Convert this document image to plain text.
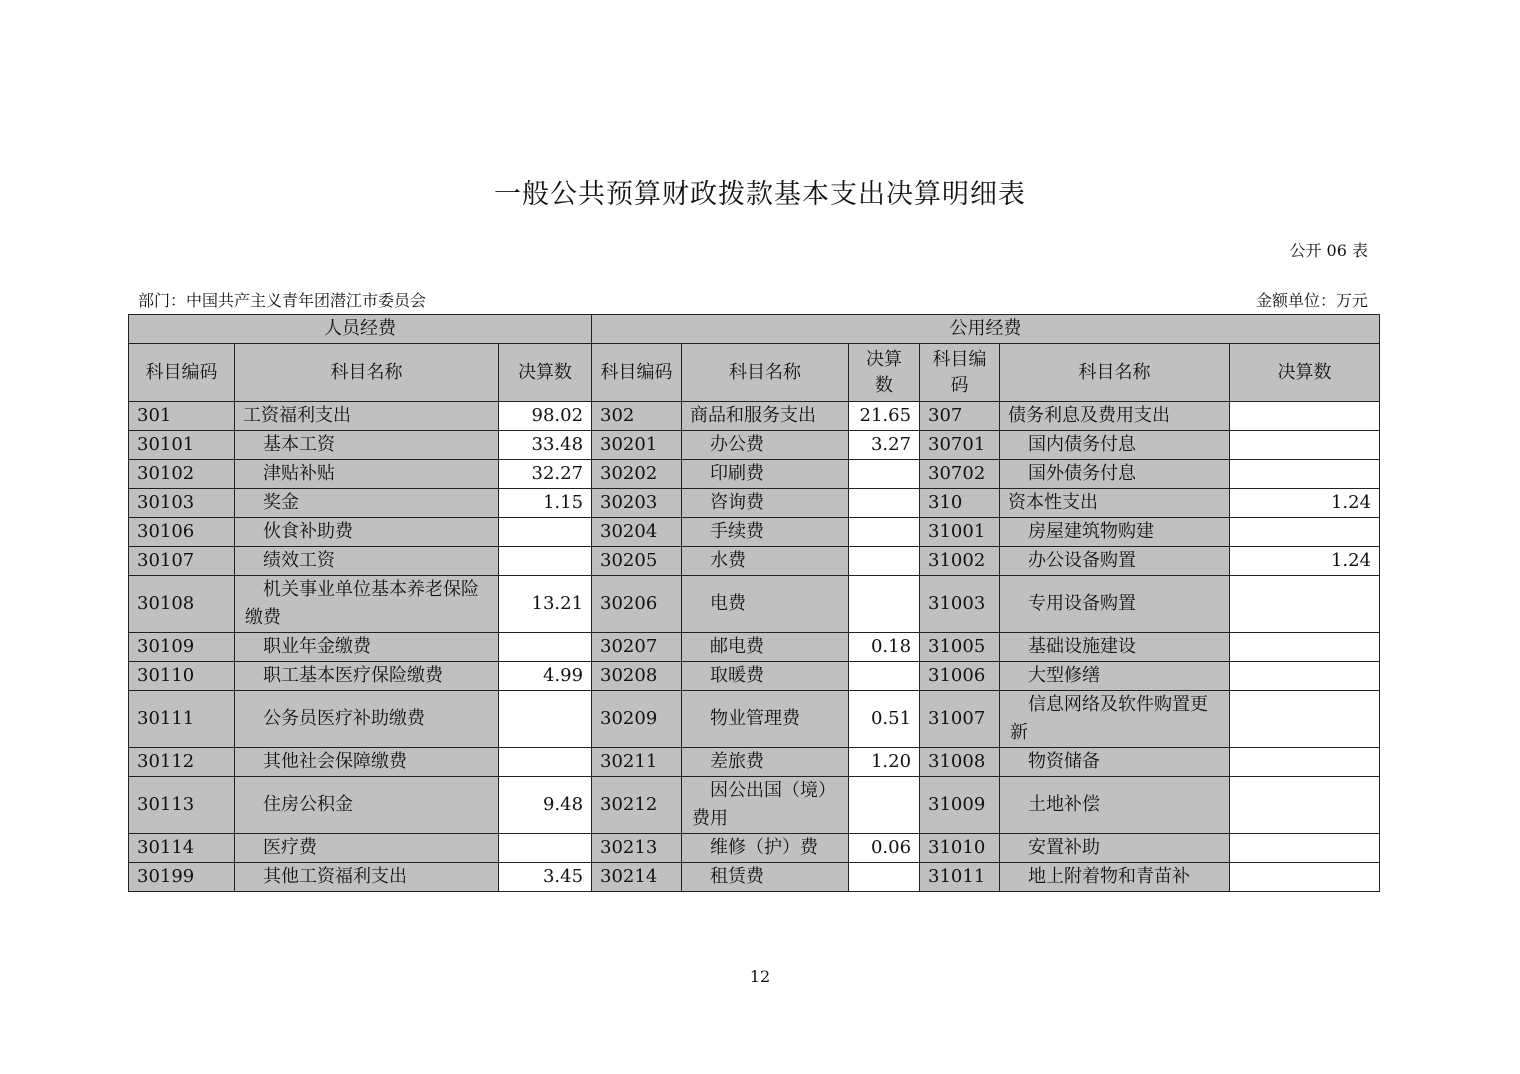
一般公共预算财政拨款基本支出决算明细表
公开 06 表
部门：中国共产主义青年团潜江市委员会	金额单位：万元
人员经费			公用经费					
科目编码	科目名称	决算数	科目编码	科目名称	决算数	科目编码	科目名称	决算数
301	工资福利支出	98.02	302	商品和服务支出	21.65	307	债务利息及费用支出	
30101	基本工资	33.48	30201	办公费	3.27	30701	国内债务付息	
30102	津贴补贴	32.27	30202	印刷费		30702	国外债务付息	
30103	奖金	1.15	30203	咨询费		310	资本性支出	1.24
30106	伙食补助费		30204	手续费		31001	房屋建筑物购建	
30107	绩效工资		30205	水费		31002	办公设备购置	1.24
30108	机关事业单位基本养老保险缴费	13.21	30206	电费		31003	专用设备购置	
30109	职业年金缴费		30207	邮电费	0.18	31005	基础设施建设	
30110	职工基本医疗保险缴费	4.99	30208	取暖费		31006	大型修缮	
30111	公务员医疗补助缴费		30209	物业管理费	0.51	31007	信息网络及软件购置更新	
30112	其他社会保障缴费		30211	差旅费	1.20	31008	物资储备	
30113	住房公积金	9.48	30212	因公出国（境）费用		31009	土地补偿	
30114	医疗费		30213	维修（护）费	0.06	31010	安置补助	
30199	其他工资福利支出	3.45	30214	租赁费		31011	地上附着物和青苗补	
12
